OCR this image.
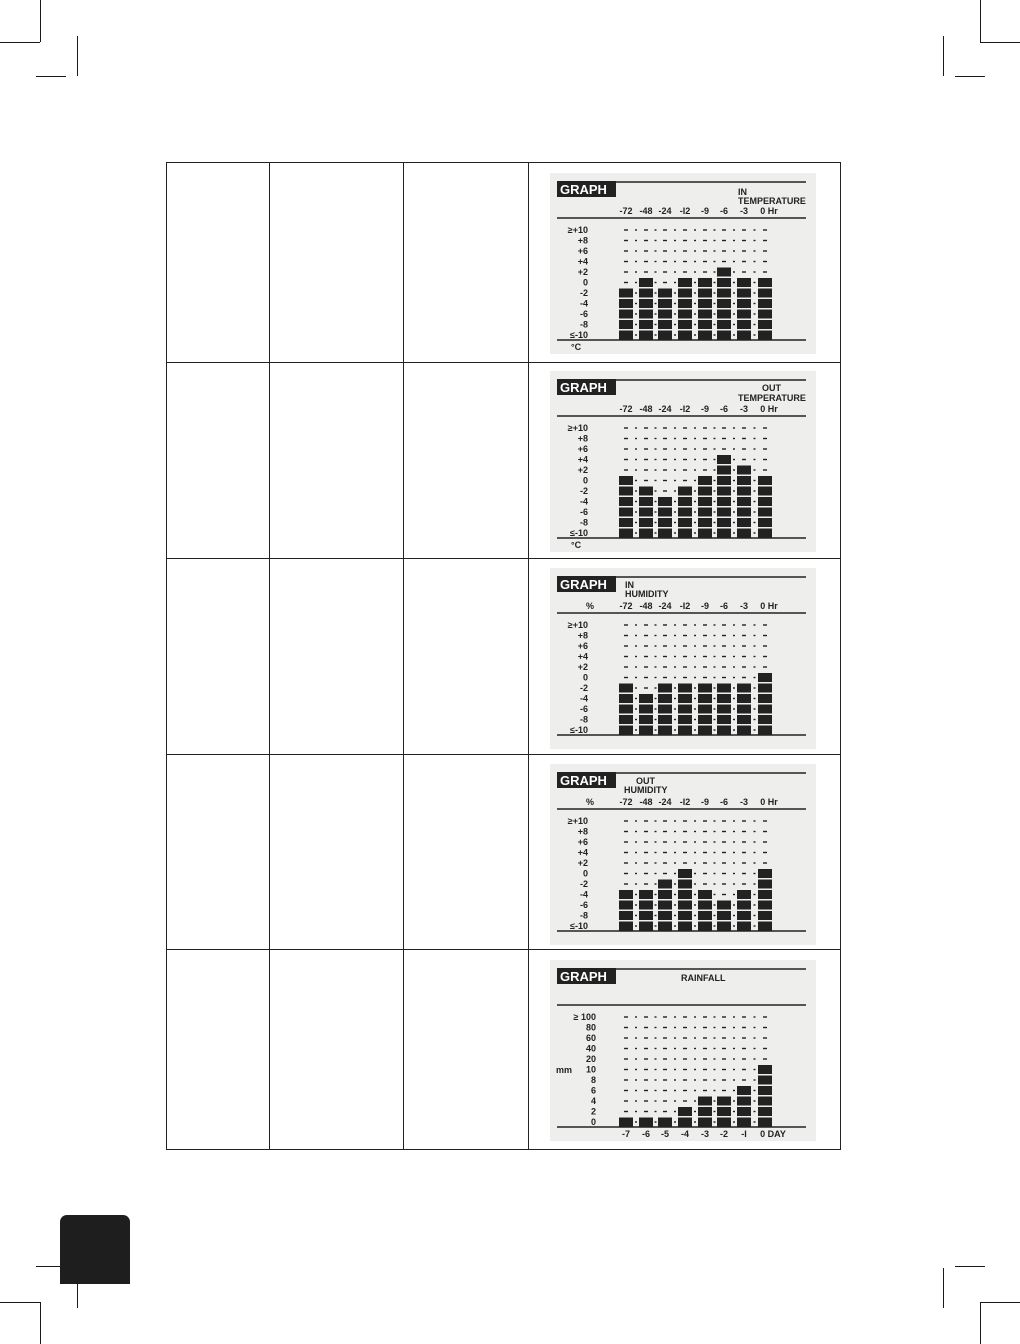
GRAPH	IN
TEMPERATURE
-72 -48 -24 -I2 -9 -6 -3 0 Hr
≥+10
+8
+6
+4
+2
0
-2
-4
-6
-8
≤-10
°C
GRAPH	OUT
TEMPERATURE
-72 -48 -24 -I2 -9 -6 -3 0 Hr
≥+10
+8
+6
+4
+2
0
-2
-4
-6
-8
≤-10
°C
GRAPH IN
HUMIDITY
%	-72 -48 -24 -I2 -9 -6 -3 0 Hr
≥+10
+8
+6
+4
+2
0
-2
-4
-6
-8
≤-10
GRAPH	OUT
HUMIDITY
%	-72 -48 -24 -I2 -9 -6 -3 0 Hr
≥+10
+8
+6
+4
+2
0
-2
-4
-6
-8
≤-10
GRAPH	RAINFALL
≥ 100
80
60
40
20
10
8
6
4
2
0
mm
-7 -6 -5 -4 -3 -2 -I 0 DAY
